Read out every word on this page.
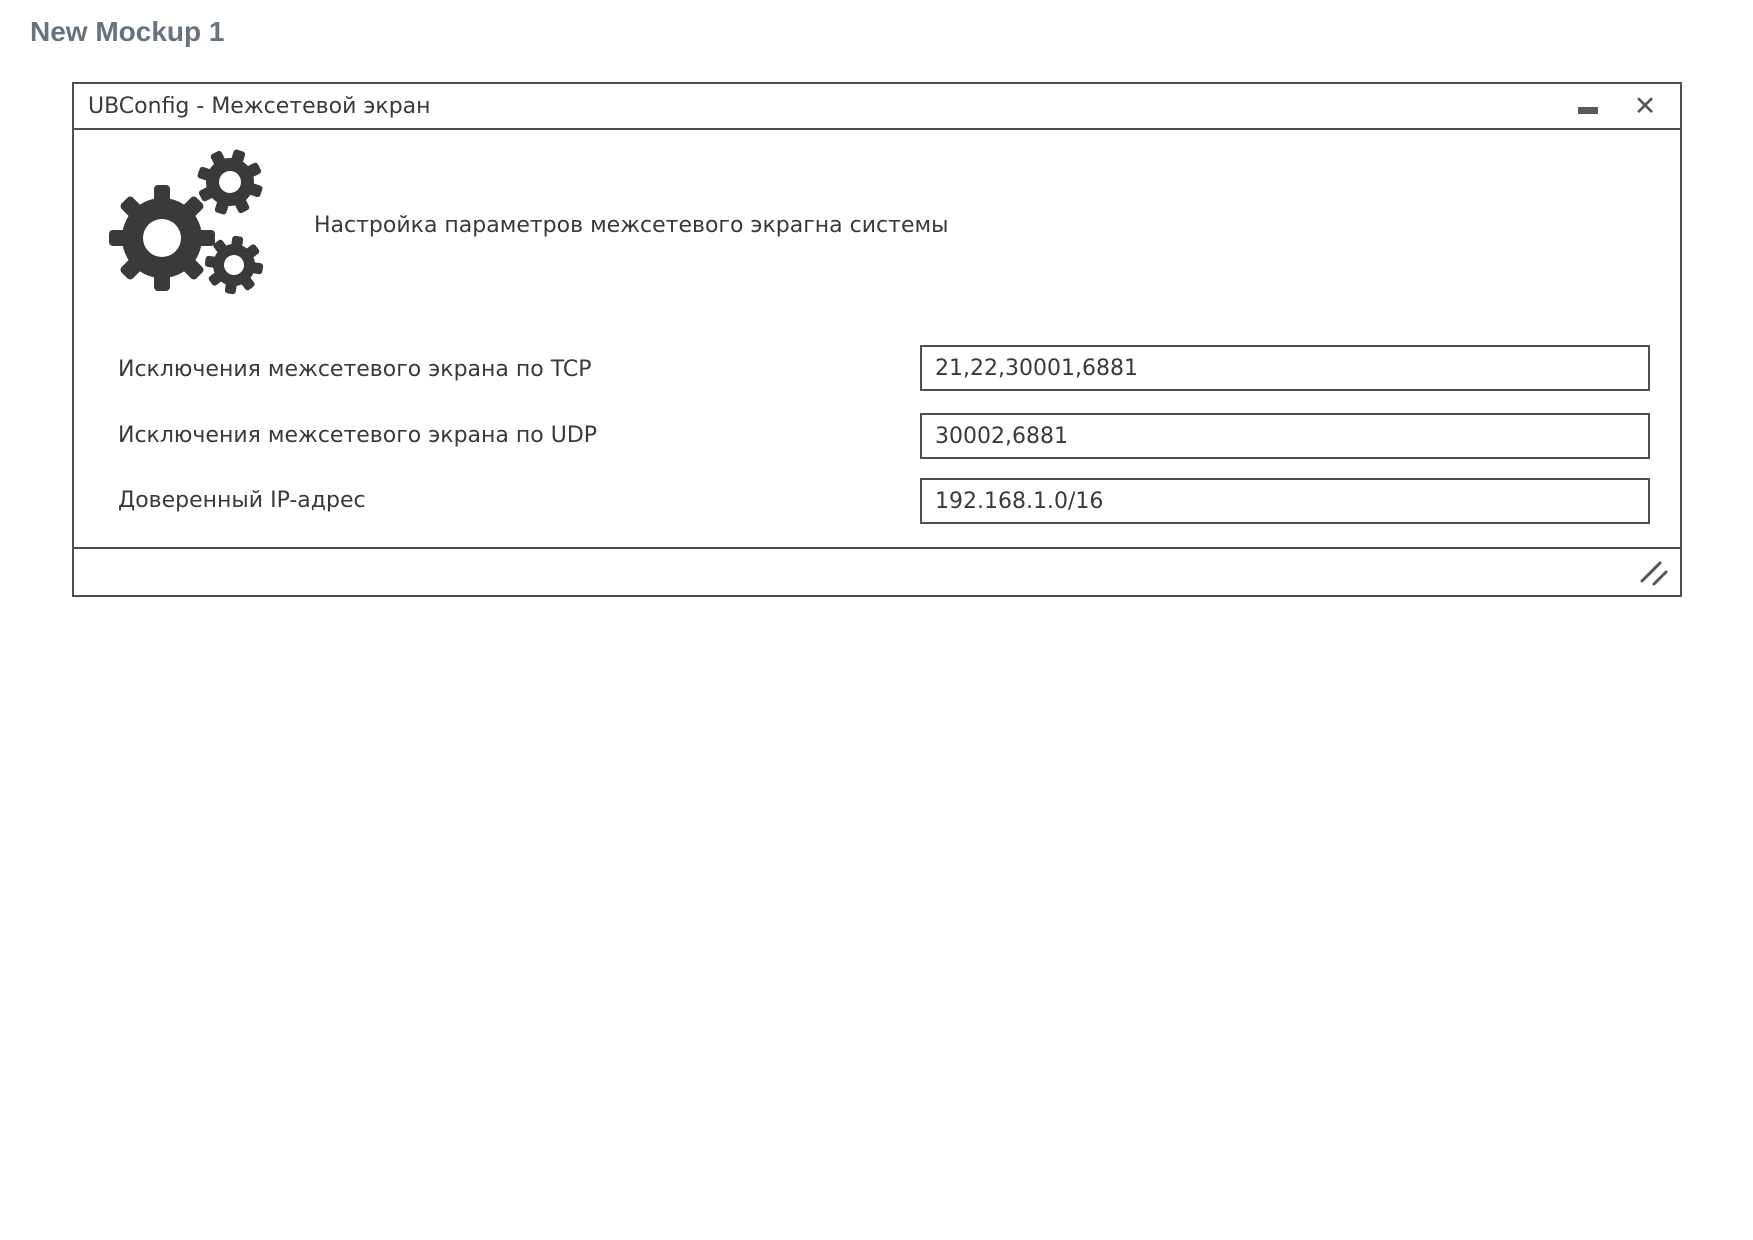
New Mockup 1
UBConfig - Межсетевой экран	✕
Настройка параметров межсетевого экрагна системы
Исключения межсетевого экрана по TCP
21,22,30001,6881
Исключения межсетевого экрана по UDP
30002,6881
Доверенный IP-адрес
192.168.1.0/16
